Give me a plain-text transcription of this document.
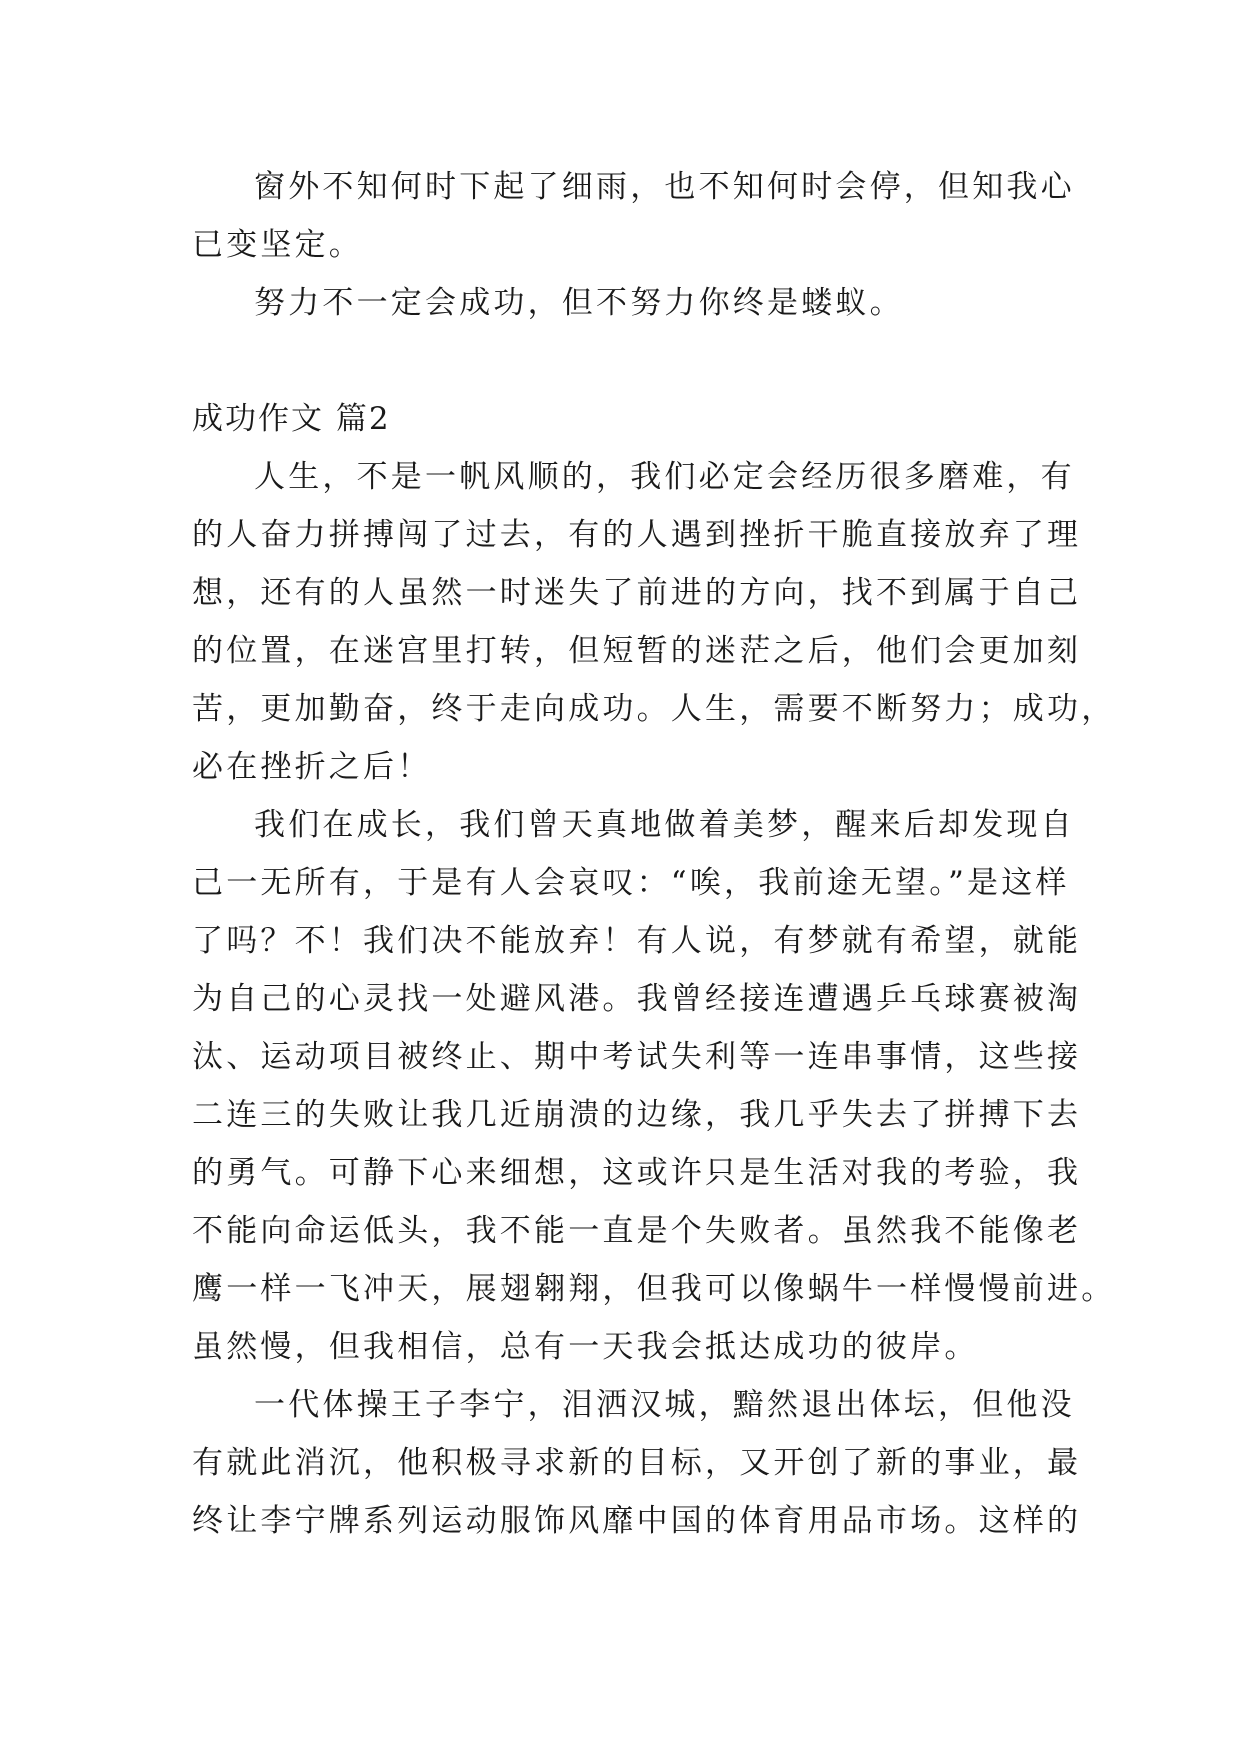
窗外不知何时下起了细雨，也不知何时会停，但知我心
已变坚定。
努力不一定会成功，但不努力你终是蝼蚁。
成功作文 篇2
人生，不是一帆风顺的，我们必定会经历很多磨难，有
的人奋力拼搏闯了过去，有的人遇到挫折干脆直接放弃了理
想，还有的人虽然一时迷失了前进的方向，找不到属于自己
的位置，在迷宫里打转，但短暂的迷茫之后，他们会更加刻
苦，更加勤奋，终于走向成功。人生，需要不断努力；成功，
必在挫折之后！
我们在成长，我们曾天真地做着美梦，醒来后却发现自
己一无所有，于是有人会哀叹：“唉，我前途无望。”是这样
了吗？不！我们决不能放弃！有人说，有梦就有希望，就能
为自己的心灵找一处避风港。我曾经接连遭遇乒乓球赛被淘
汰、运动项目被终止、期中考试失利等一连串事情，这些接
二连三的失败让我几近崩溃的边缘，我几乎失去了拼搏下去
的勇气。可静下心来细想，这或许只是生活对我的考验，我
不能向命运低头，我不能一直是个失败者。虽然我不能像老
鹰一样一飞冲天，展翅翱翔，但我可以像蜗牛一样慢慢前进。
虽然慢，但我相信，总有一天我会抵达成功的彼岸。
一代体操王子李宁，泪洒汉城，黯然退出体坛，但他没
有就此消沉，他积极寻求新的目标，又开创了新的事业，最
终让李宁牌系列运动服饰风靡中国的体育用品市场。这样的
